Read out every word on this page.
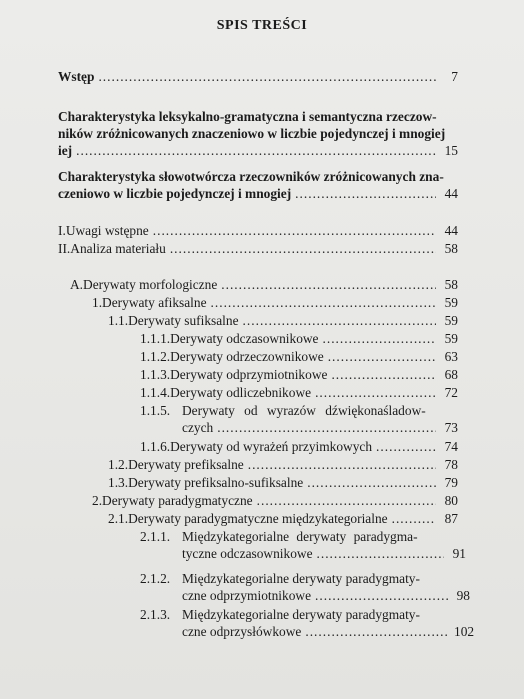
SPIS TREŚCI
Wstęp .....	7
Charakterystyka leksykalno-gramatyczna i semantyczna rzeczow-
ników zróżnicowanych znaczeniowo w liczbie pojedynczej i mnogiej
iej .....	15
Charakterystyka słowotwórcza rzeczowników zróżnicowanych zna-
czeniowo w liczbie pojedynczej i mnogiej .....	44
I. Uwagi wstępne .....	44
II. Analiza materiału .....	58
A. Derywaty morfologiczne .....	58
1. Derywaty afiksalne .....	59
1.1. Derywaty sufiksalne .....	59
1.1.1. Derywaty odczasownikowe .....	59
1.1.2. Derywaty odrzeczownikowe .....	63
1.1.3. Derywaty odprzymiotnikowe .....	68
1.1.4. Derywaty odliczebnikowe .....	72
1.1.5. Derywaty od wyrazów dźwiękonaśladow-
czych .....	73
1.1.6. Derywaty od wyrażeń przyimkowych .....	74
1.2. Derywaty prefiksalne .....	78
1.3. Derywaty prefiksalno-sufiksalne .....	79
2. Derywaty paradygmatyczne .....	80
2.1. Derywaty paradygmatyczne międzykategorialne .....	87
2.1.1. Międzykategorialne derywaty paradygma-
tyczne odczasownikowe .....	91
2.1.2. Międzykategorialne derywaty paradygmaty-
czne odprzymiotnikowe .....	98
2.1.3. Międzykategorialne derywaty paradygmaty-
czne odprzysłówkowe .....	102
